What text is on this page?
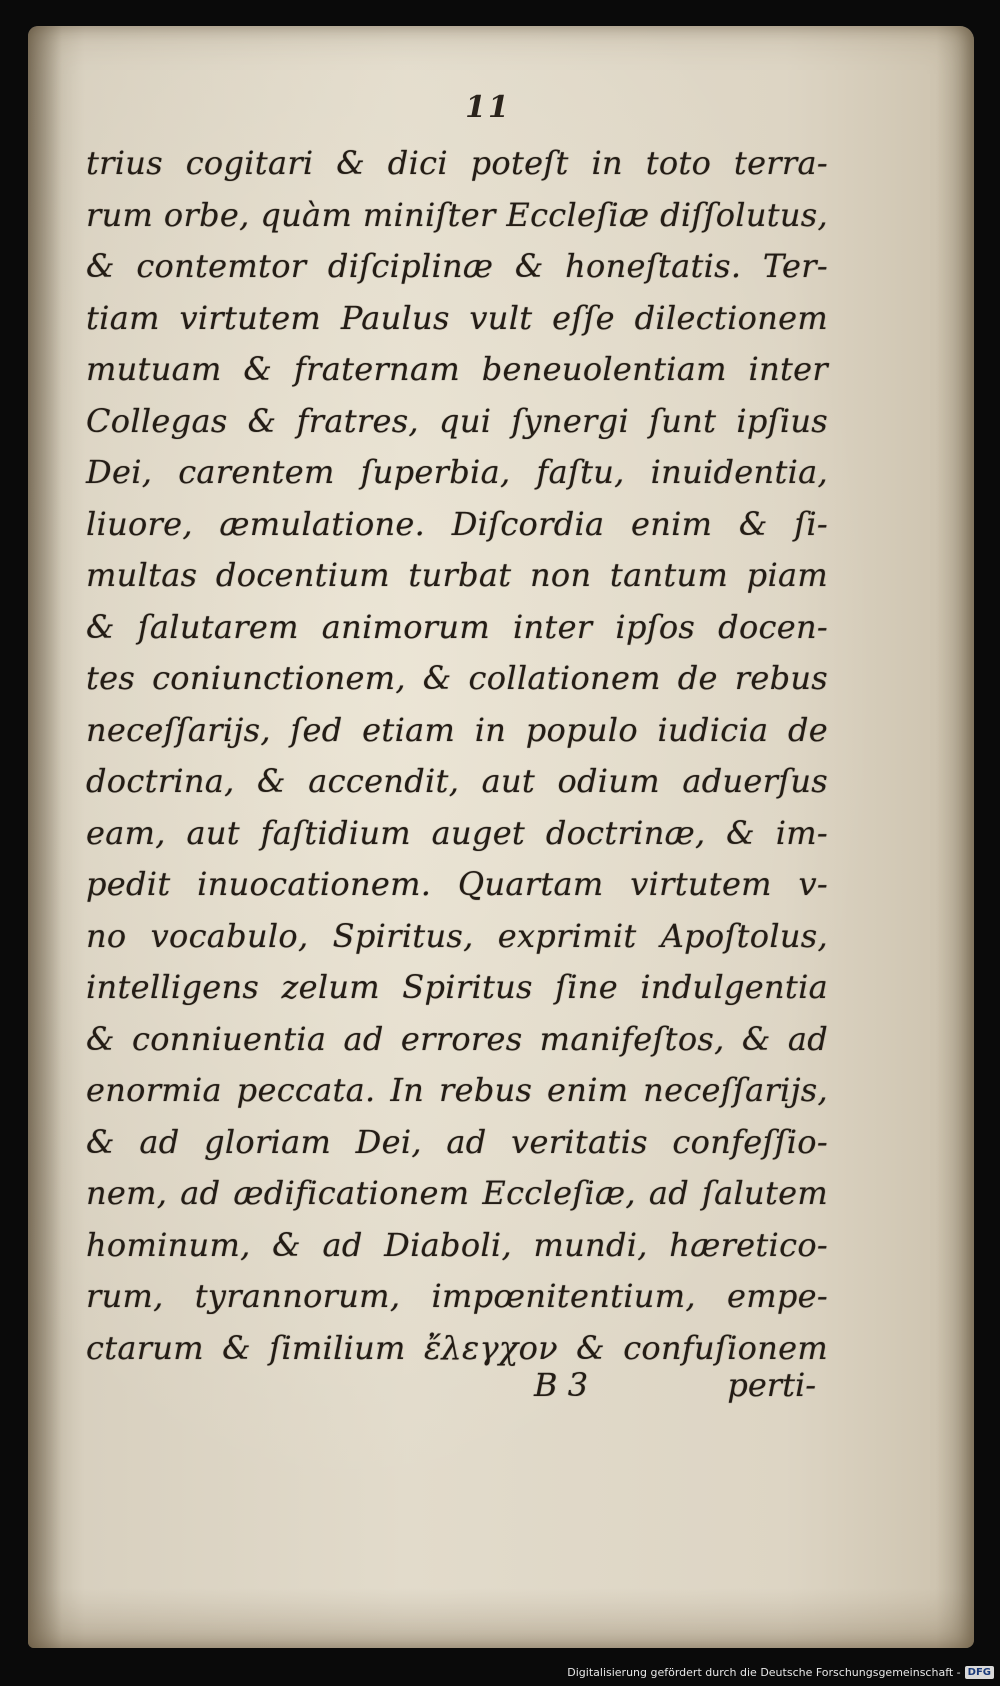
11
trius cogitari & dici poteſt in toto terra-
rum orbe, quàm miniſter Eccleſiæ diſſolutus,
& contemtor diſciplinæ & honeſtatis. Ter-
tiam virtutem Paulus vult eſſe dilectionem
mutuam & fraternam beneuolentiam inter
Collegas & fratres, qui ſynergi ſunt ipſius
Dei, carentem ſuperbia, faſtu, inuidentia,
liuore, æmulatione. Diſcordia enim & ſi-
multas docentium turbat non tantum piam
& ſalutarem animorum inter ipſos docen-
tes coniunctionem, & collationem de rebus
neceſſarijs, ſed etiam in populo iudicia de
doctrina, & accendit, aut odium aduerſus
eam, aut faſtidium auget doctrinæ, & im-
pedit inuocationem. Quartam virtutem v-
no vocabulo, Spiritus, exprimit Apoſtolus,
intelligens zelum Spiritus ſine indulgentia
& conniuentia ad errores manifeſtos, & ad
enormia peccata. In rebus enim neceſſarijs,
& ad gloriam Dei, ad veritatis confeſſio-
nem, ad ædificationem Eccleſiæ, ad ſalutem
hominum, & ad Diaboli, mundi, hæretico-
rum, tyrannorum, impœnitentium, empe-
ctarum & ſimilium ἔλεγχον & confuſionem
B 3	perti-
Digitalisierung gefördert durch die Deutsche Forschungsgemeinschaft - DFG
